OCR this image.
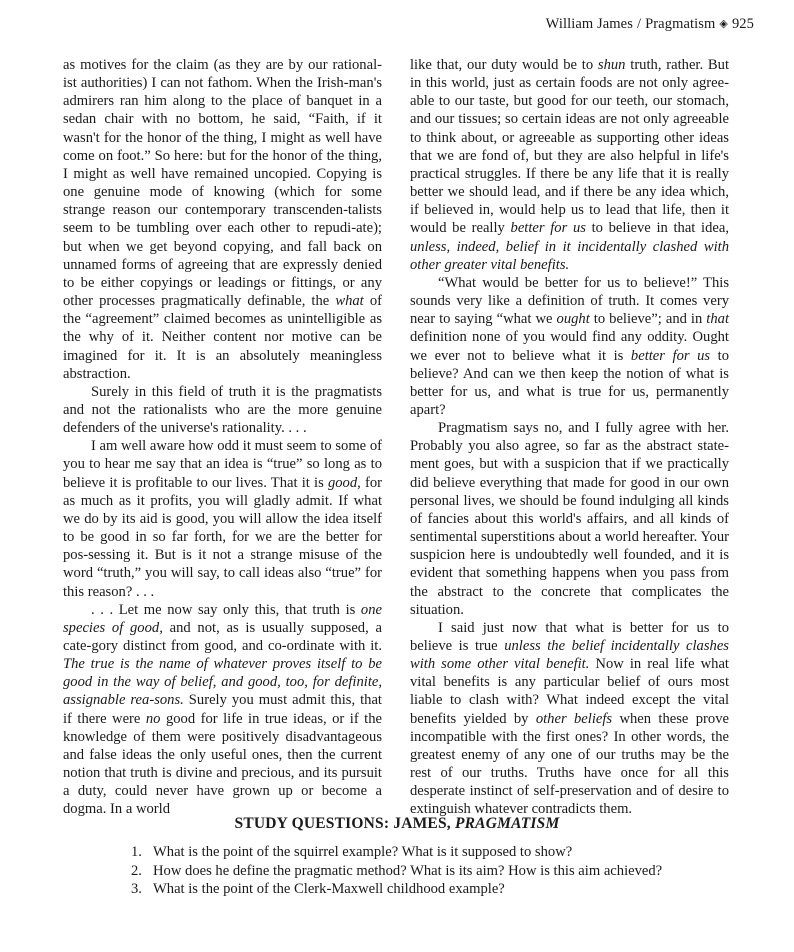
William James / Pragmatism ◈ 925

as motives for the claim (as they are by our rational-ist authorities) I can not fathom. When the Irish-man's admirers ran him along to the place of banquet in a sedan chair with no bottom, he said, “Faith, if it wasn't for the honor of the thing, I might as well have come on foot.” So here: but for the honor of the thing, I might as well have remained uncopied. Copying is one genuine mode of knowing (which for some strange reason our contemporary transcenden-talists seem to be tumbling over each other to repudi-ate); but when we get beyond copying, and fall back on unnamed forms of agreeing that are expressly denied to be either copyings or leadings or fittings, or any other processes pragmatically definable, the what of the “agreement” claimed becomes as unintelligible as the why of it. Neither content nor motive can be imagined for it. It is an absolutely meaningless abstraction.

Surely in this field of truth it is the pragmatists and not the rationalists who are the more genuine defenders of the universe's rationality. . . .

I am well aware how odd it must seem to some of you to hear me say that an idea is “true” so long as to believe it is profitable to our lives. That it is good, for as much as it profits, you will gladly admit. If what we do by its aid is good, you will allow the idea itself to be good in so far forth, for we are the better for pos-sessing it. But is it not a strange misuse of the word “truth,” you will say, to call ideas also “true” for this reason? . . .

. . . Let me now say only this, that truth is one species of good, and not, as is usually supposed, a cate-gory distinct from good, and co-ordinate with it. The true is the name of whatever proves itself to be good in the way of belief, and good, too, for definite, assignable rea-sons. Surely you must admit this, that if there were no good for life in true ideas, or if the knowledge of them were positively disadvantageous and false ideas the only useful ones, then the current notion that truth is divine and precious, and its pursuit a duty, could never have grown up or become a dogma. In a world

like that, our duty would be to shun truth, rather. But in this world, just as certain foods are not only agree-able to our taste, but good for our teeth, our stomach, and our tissues; so certain ideas are not only agreeable to think about, or agreeable as supporting other ideas that we are fond of, but they are also helpful in life's practical struggles. If there be any life that it is really better we should lead, and if there be any idea which, if believed in, would help us to lead that life, then it would be really better for us to believe in that idea, unless, indeed, belief in it incidentally clashed with other greater vital benefits.

“What would be better for us to believe!” This sounds very like a definition of truth. It comes very near to saying “what we ought to believe”; and in that definition none of you would find any oddity. Ought we ever not to believe what it is better for us to believe? And can we then keep the notion of what is better for us, and what is true for us, permanently apart?

Pragmatism says no, and I fully agree with her. Probably you also agree, so far as the abstract state-ment goes, but with a suspicion that if we practically did believe everything that made for good in our own personal lives, we should be found indulging all kinds of fancies about this world's affairs, and all kinds of sentimental superstitions about a world hereafter. Your suspicion here is undoubtedly well founded, and it is evident that something happens when you pass from the abstract to the concrete that complicates the situation.

I said just now that what is better for us to believe is true unless the belief incidentally clashes with some other vital benefit. Now in real life what vital benefits is any particular belief of ours most liable to clash with? What indeed except the vital benefits yielded by other beliefs when these prove incompatible with the first ones? In other words, the greatest enemy of any one of our truths may be the rest of our truths. Truths have once for all this desperate instinct of self-preservation and of desire to extinguish whatever contradicts them.

STUDY QUESTIONS: JAMES, PRAGMATISM
1. What is the point of the squirrel example? What is it supposed to show?
2. How does he define the pragmatic method? What is its aim? How is this aim achieved?
3. What is the point of the Clerk-Maxwell childhood example?
